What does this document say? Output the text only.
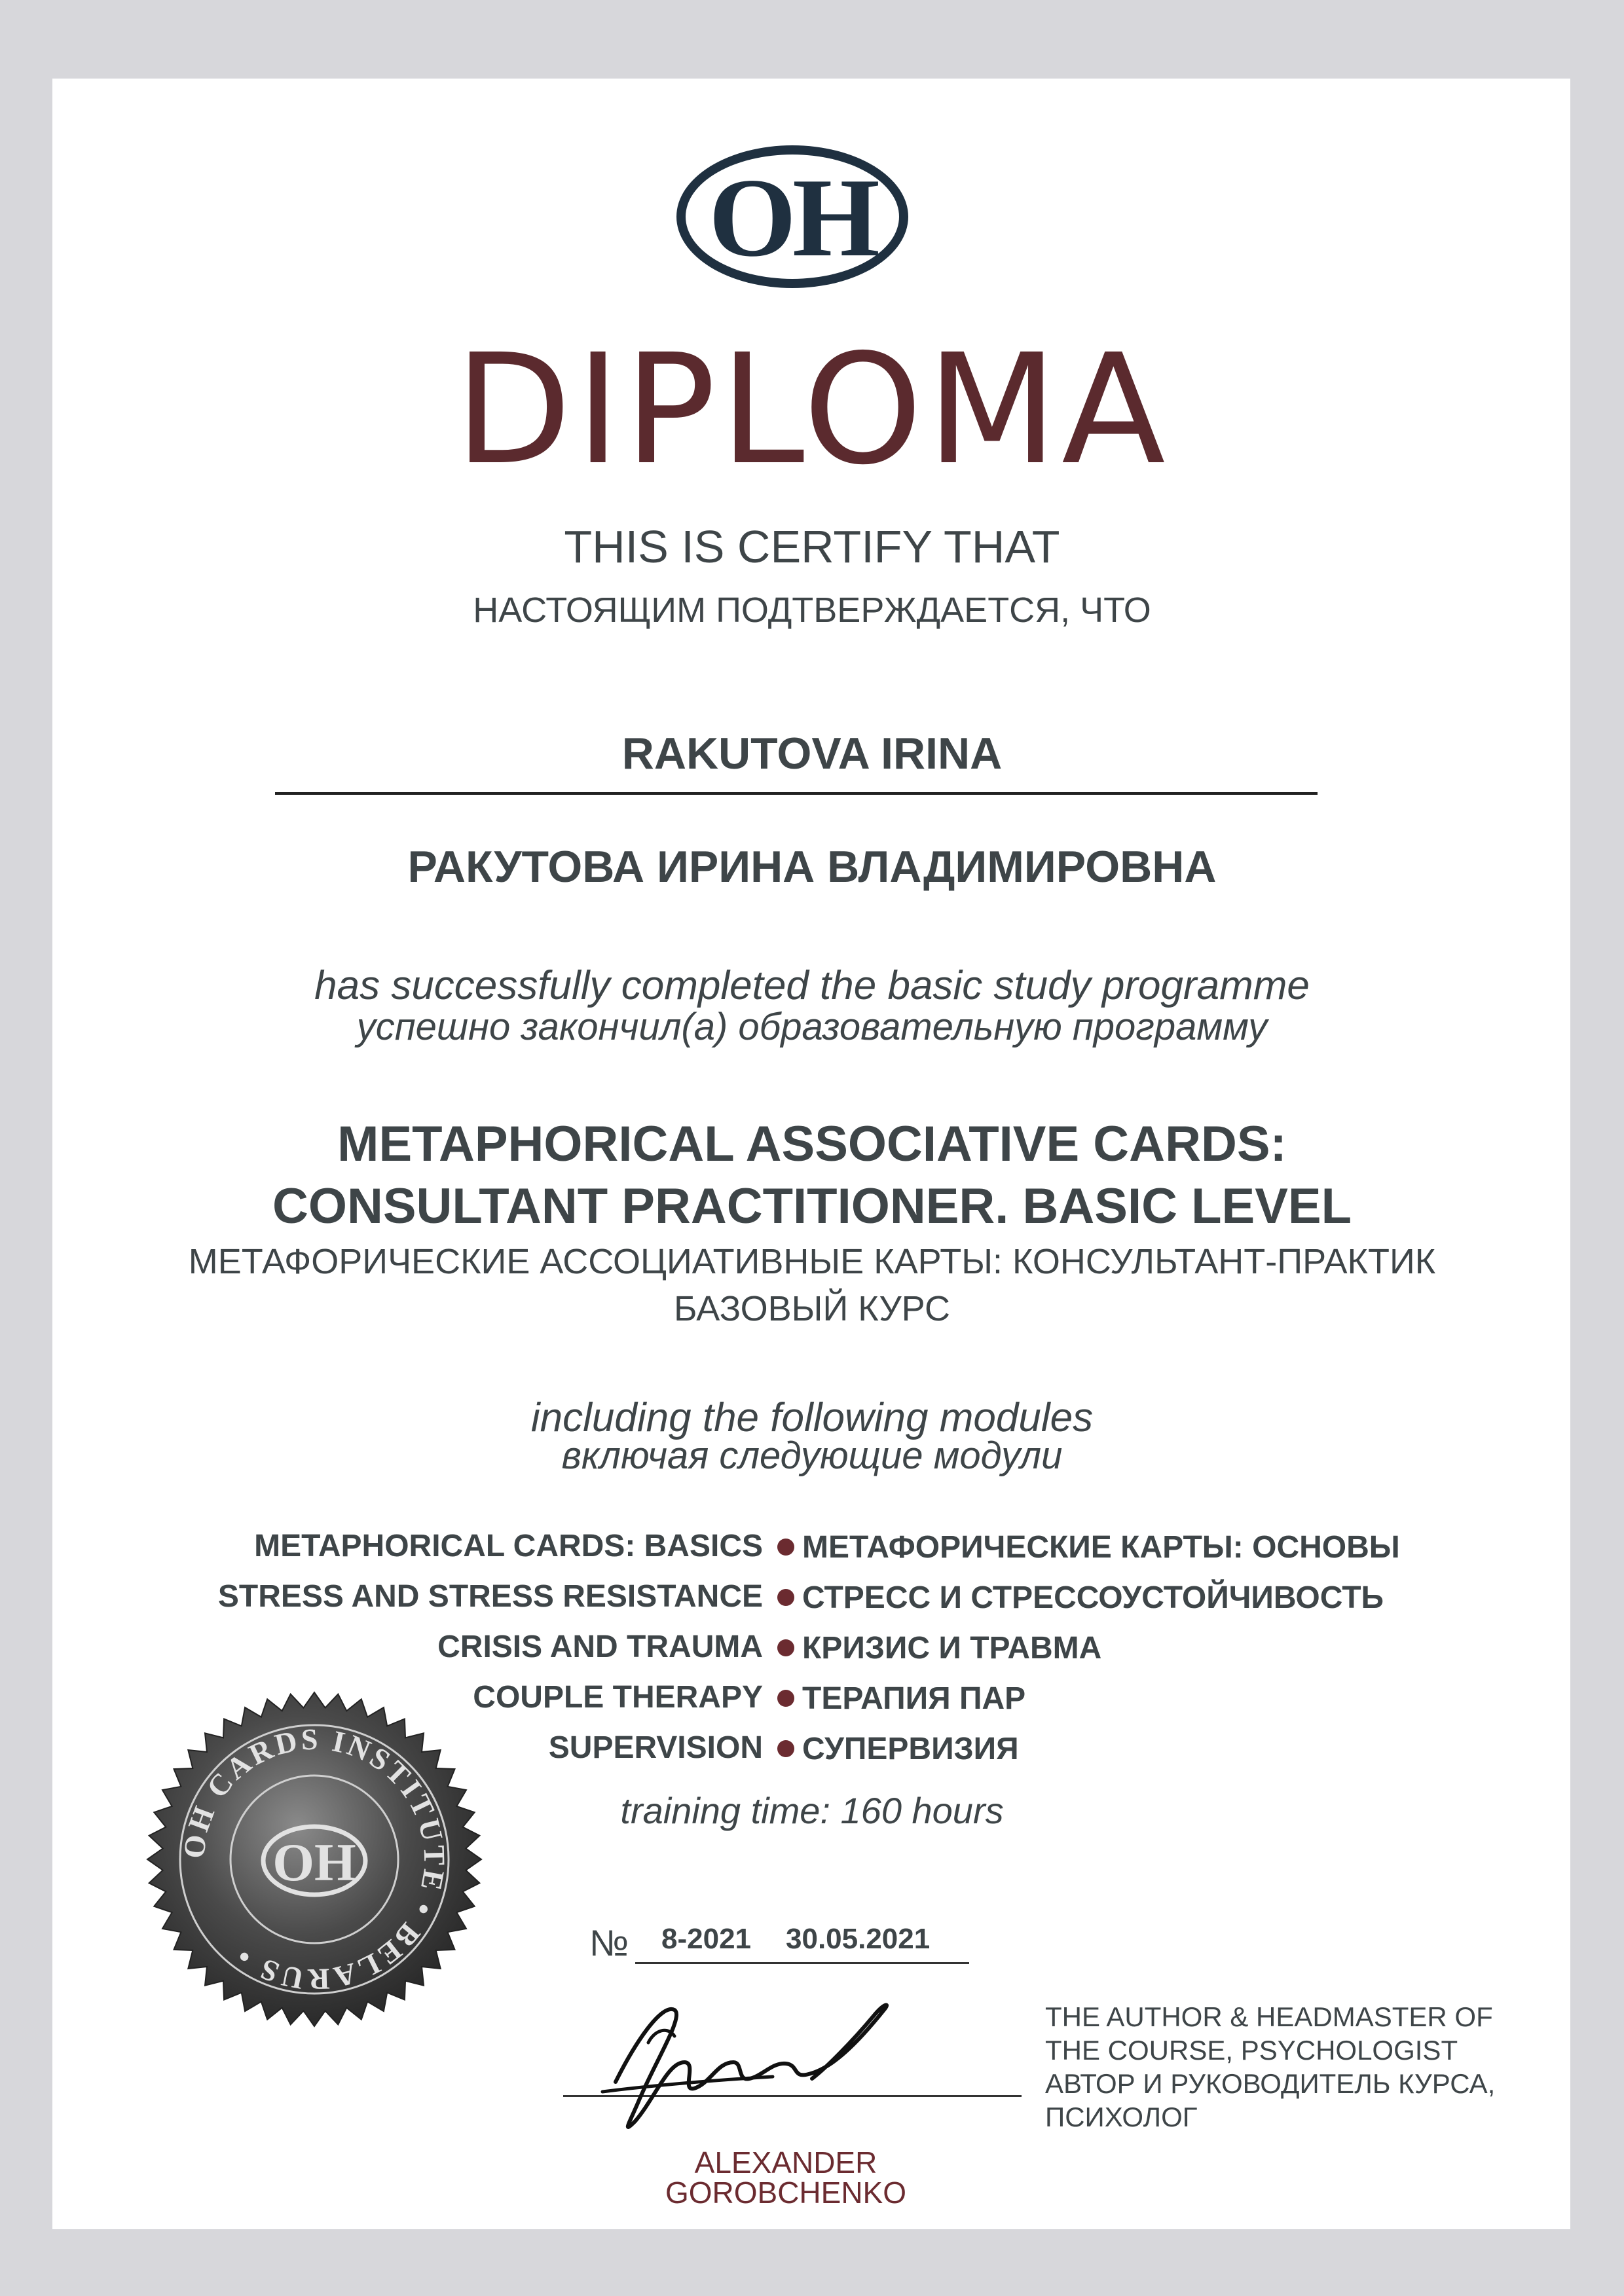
OH
DIPLOMA
THIS IS CERTIFY THAT
НАСТОЯЩИМ ПОДТВЕРЖДАЕТСЯ, ЧТО
RAKUTOVA IRINA
РАКУТОВА ИРИНА ВЛАДИМИРОВНА
has successfully completed the basic study programme
успешно закончил(а) образовательную программу
METAPHORICAL ASSOCIATIVE CARDS:
CONSULTANT PRACTITIONER. BASIC LEVEL
МЕТАФОРИЧЕСКИЕ АССОЦИАТИВНЫЕ КАРТЫ: КОНСУЛЬТАНТ-ПРАКТИК
БАЗОВЫЙ КУРС
including the following modules
включая следующие модули
METAPHORICAL CARDS: BASICS МЕТАФОРИЧЕСКИЕ КАРТЫ: ОСНОВЫ
STRESS AND STRESS RESISTANCE СТРЕСС И СТРЕССОУСТОЙЧИВОСТЬ
CRISIS AND TRAUMA КРИЗИС И ТРАВМА
COUPLE THERAPY ТЕРАПИЯ ПАР
SUPERVISION СУПЕРВИЗИЯ
training time: 160 hours
OH CARDS INSTITUTE • BELARUS •
OH
№ 8-2021 30.05.2021
ALEXANDER GOROBCHENKO
THE AUTHOR & HEADMASTER OF
THE COURSE, PSYCHOLOGIST
АВТОР И РУКОВОДИТЕЛЬ КУРСА,
ПСИХОЛОГ
